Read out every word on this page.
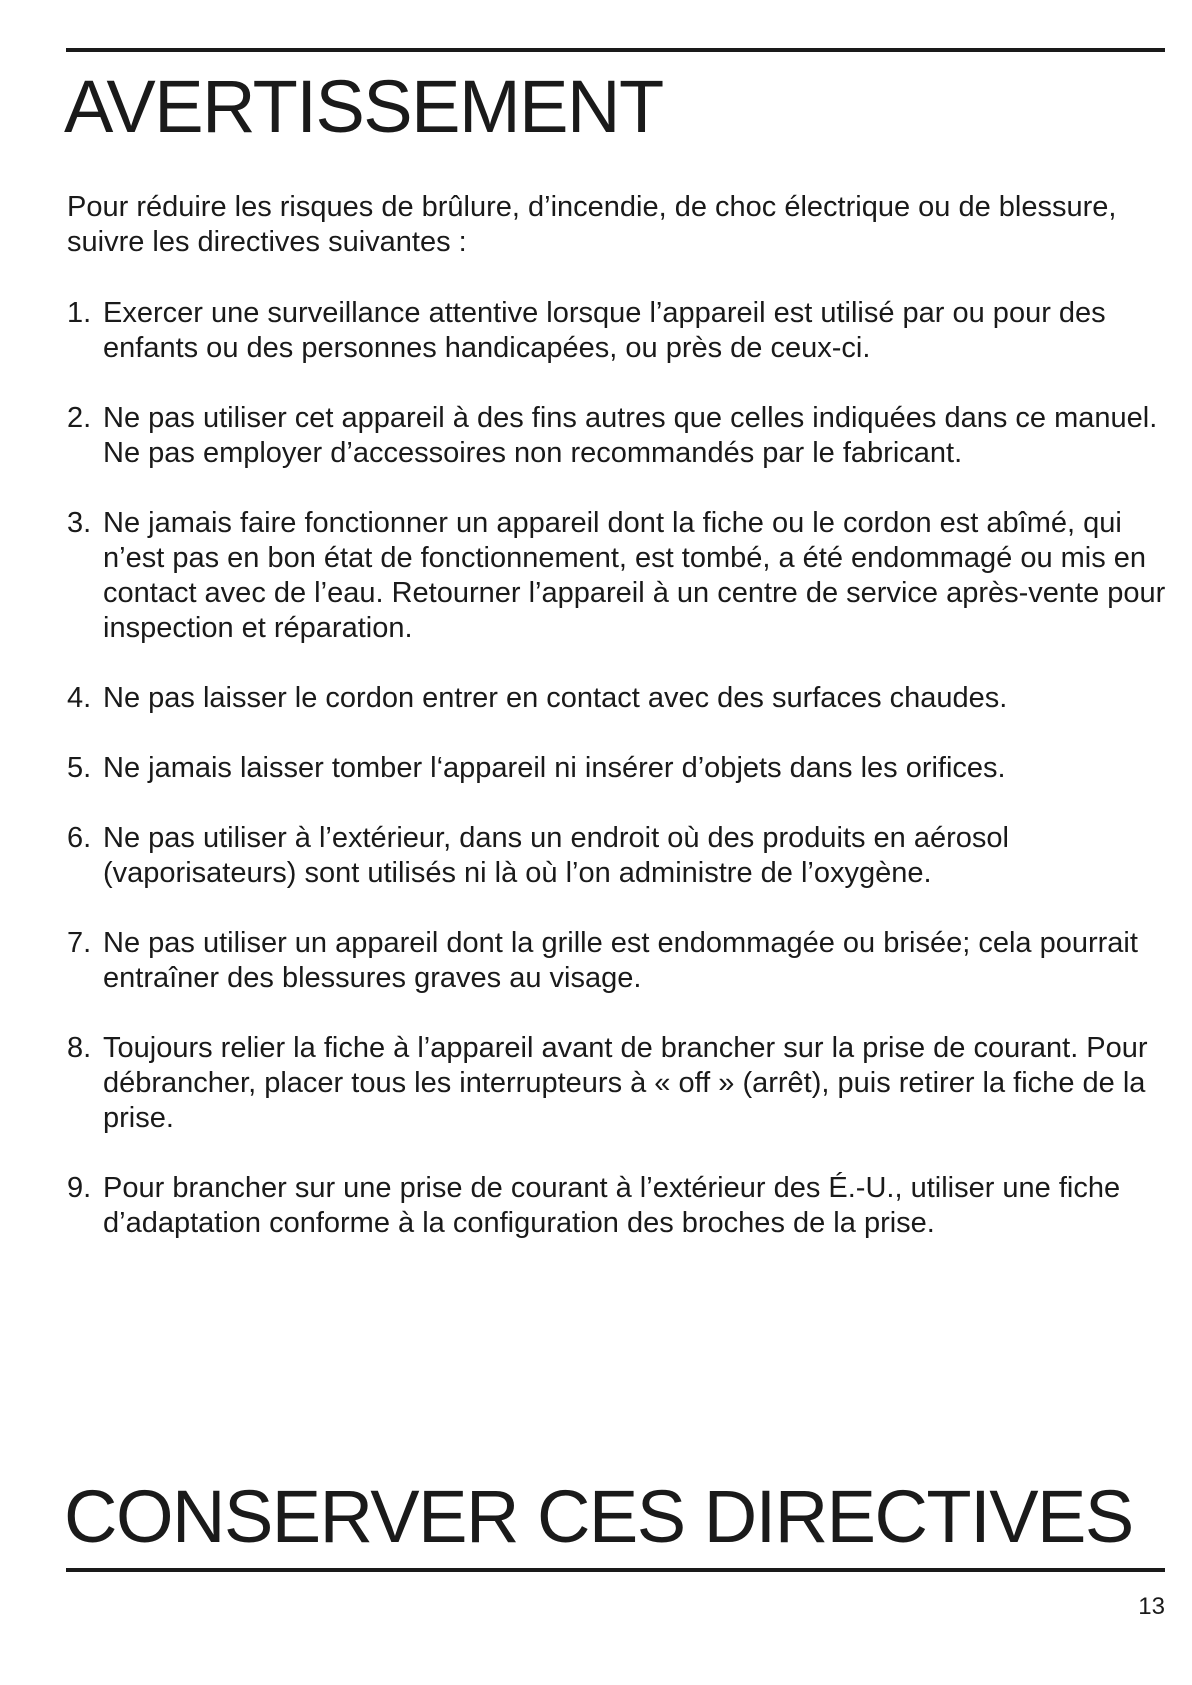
AVERTISSEMENT

Pour réduire les risques de brûlure, d’incendie, de choc électrique ou de blessure, suivre les directives suivantes :

1. Exercer une surveillance attentive lorsque l’appareil est utilisé par ou pour des enfants ou des personnes handicapées, ou près de ceux-ci.
2. Ne pas utiliser cet appareil à des fins autres que celles indiquées dans ce manuel. Ne pas employer d’accessoires non recommandés par le fabricant.
3. Ne jamais faire fonctionner un appareil dont la fiche ou le cordon est abîmé, qui n’est pas en bon état de fonctionnement, est tombé, a été endommagé ou mis en contact avec de l’eau. Retourner l’appareil à un centre de service après-vente pour inspection et réparation.
4. Ne pas laisser le cordon entrer en contact avec des surfaces chaudes.
5. Ne jamais laisser tomber l‘appareil ni insérer d’objets dans les orifices.
6. Ne pas utiliser à l’extérieur, dans un endroit où des produits en aérosol (vaporisateurs) sont utilisés ni là où l’on administre de l’oxygène.
7. Ne pas utiliser un appareil dont la grille est endommagée ou brisée; cela pourrait entraîner des blessures graves au visage.
8. Toujours relier la fiche à l’appareil avant de brancher sur la prise de courant. Pour débrancher, placer tous les interrupteurs à « off » (arrêt), puis retirer la fiche de la prise.
9. Pour brancher sur une prise de courant à l’extérieur des É.-U., utiliser une fiche d’adaptation conforme à la configuration des broches de la prise.
CONSERVER CES DIRECTIVES
13
